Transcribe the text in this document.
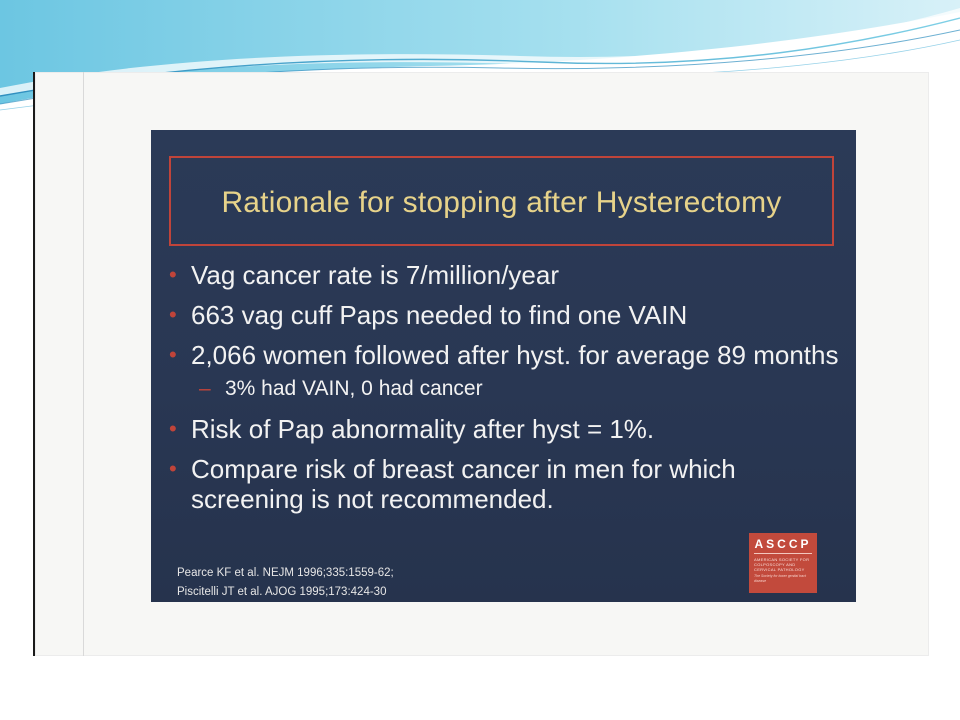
Rationale for stopping after Hysterectomy
• Vag cancer rate is 7/million/year
• 663 vag cuff Paps needed to find one VAIN
• 2,066 women followed after hyst. for average 89 months
– 3% had VAIN, 0 had cancer
• Risk of Pap abnormality after hyst = 1%.
• Compare risk of breast cancer in men for which screening is not recommended.
Pearce KF et al. NEJM 1996;335:1559-62;
Piscitelli JT et al. AJOG 1995;173:424-30
ASCCP
AMERICAN SOCIETY FOR COLPOSCOPY AND CERVICAL PATHOLOGY
The Society for lower genital tract disease
